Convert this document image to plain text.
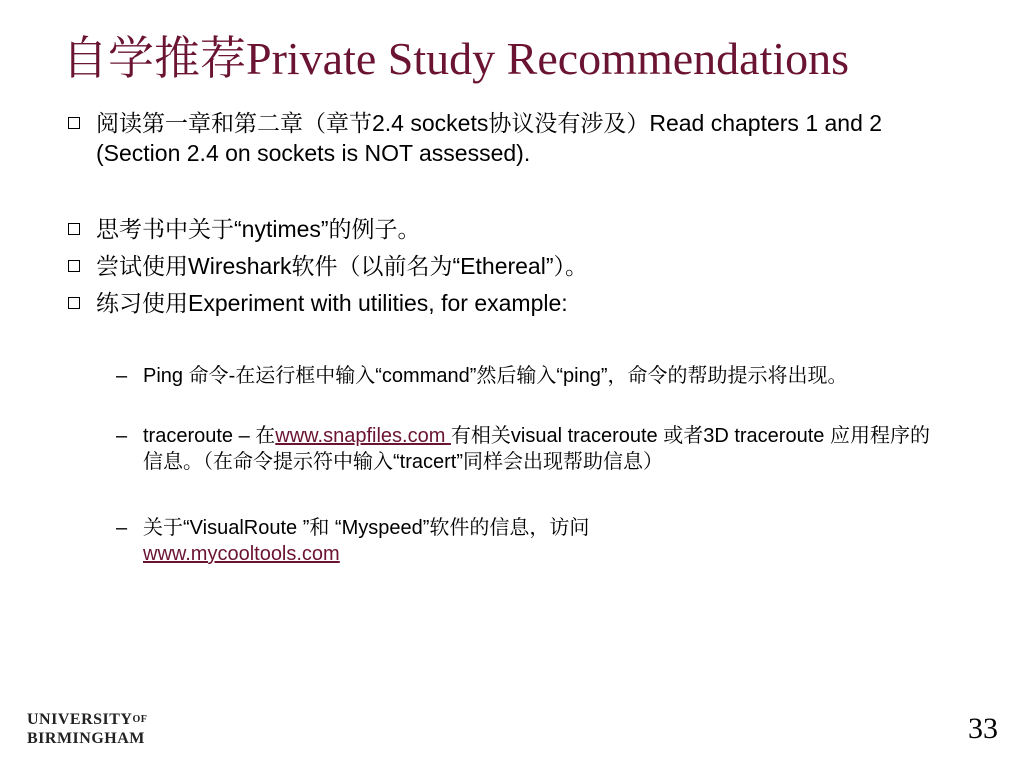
自学推荐Private Study Recommendations
阅读第一章和第二章（章节2.4 sockets协议没有涉及）Read chapters 1 and 2 (Section 2.4 on sockets is NOT assessed).
思考书中关于“nytimes”的例子。
尝试使用Wireshark软件（以前名为“Ethereal”）。
练习使用Experiment with utilities, for example:
– Ping 命令-在运行框中输入“command”然后输入“ping”，命令的帮助提示将出现。
– traceroute – 在www.snapfiles.com 有相关visual traceroute 或者3D traceroute 应用程序的信息。（在命令提示符中输入“tracert”同样会出现帮助信息）
– 关于“VisualRoute ”和 “Myspeed”软件的信息，访问
www.mycooltools.com
$UNIVERSITY^{OF}$
BIRMINGHAM	33
